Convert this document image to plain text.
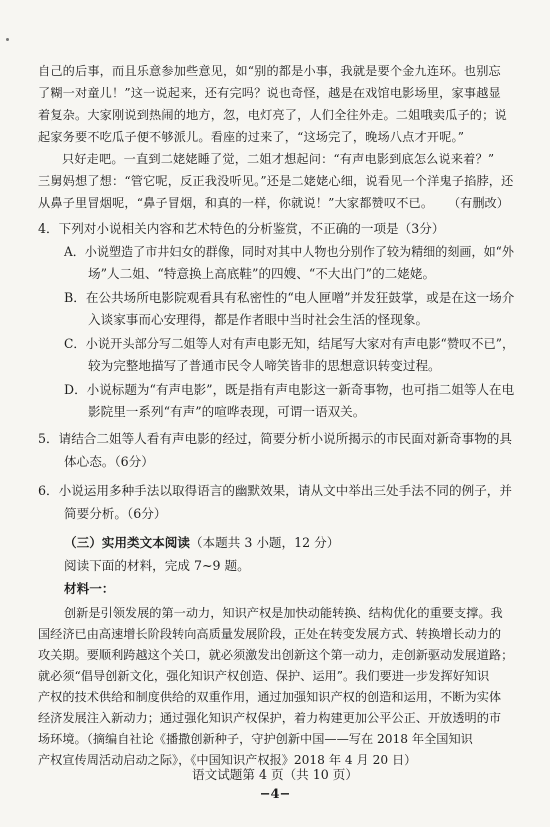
自己的后事，而且乐意参加些意见，如“别的都是小事，我就是要个金九连环。也别忘
了糊一对童儿！”这一说起来，还有完吗？说也奇怪，越是在戏馆电影场里，家事越显
着复杂。大家刚说到热闹的地方，忽，电灯亮了，人们全往外走。二姐哦卖瓜子的；说
起家务要不吃瓜子便不够派儿。看座的过来了，“这场完了，晚场八点才开呢。”
只好走吧。一直到二姥姥睡了觉，二姐才想起问：“有声电影到底怎么说来着？”
三舅妈想了想：“管它呢，反正我没听见。”还是二姥姥心细，说看见一个洋鬼子掐脖，还
从鼻子里冒烟呢，“鼻子冒烟，和真的一样，你就说！”大家都赞叹不已。 （有删改）
4．下列对小说相关内容和艺术特色的分析鉴赏，不正确的一项是（3分）
A．小说塑造了市井妇女的群像，同时对其中人物也分别作了较为精细的刻画，如“外
场”人二姐、“特意换上高底鞋”的四嫂、“不大出门”的二姥姥。
B．在公共场所电影院观看具有私密性的“电人匣噌”并发狂鼓掌，或是在这一场介
入谈家事而心安理得，都是作者眼中当时社会生活的怪现象。
C．小说开头部分写二姐等人对有声电影无知，结尾写大家对有声电影“赞叹不已”，
较为完整地描写了普通市民令人啼笑皆非的思想意识转变过程。
D．小说标题为“有声电影”，既是指有声电影这一新奇事物，也可指二姐等人在电
影院里一系列“有声”的喧哗表现，可谓一语双关。
5．请结合二姐等人看有声电影的经过，简要分析小说所揭示的市民面对新奇事物的具
体心态。（6分）
6．小说运用多种手法以取得语言的幽默效果，请从文中举出三处手法不同的例子，并
简要分析。（6分）
（三）实用类文本阅读（本题共 3 小题，12 分）
阅读下面的材料，完成 7~9 题。
材料一：
创新是引领发展的第一动力，知识产权是加快动能转换、结构优化的重要支撑。我
国经济已由高速增长阶段转向高质量发展阶段，正处在转变发展方式、转换增长动力的
攻关期。要顺利跨越这个关口，就必须激发出创新这个第一动力，走创新驱动发展道路；
就必须“倡导创新文化，强化知识产权创造、保护、运用”。我们要进一步发挥好知识
产权的技术供给和制度供给的双重作用，通过加强知识产权的创造和运用，不断为实体
经济发展注入新动力；通过强化知识产权保护，着力构建更加公平公正、开放透明的市
场环境。（摘编自社论《播撒创新种子，守护创新中国——写在 2018 年全国知识
产权宣传周活动启动之际》，《中国知识产权报》2018 年 4 月 20 日）
语文试题第 4 页（共 10 页）
−4−
